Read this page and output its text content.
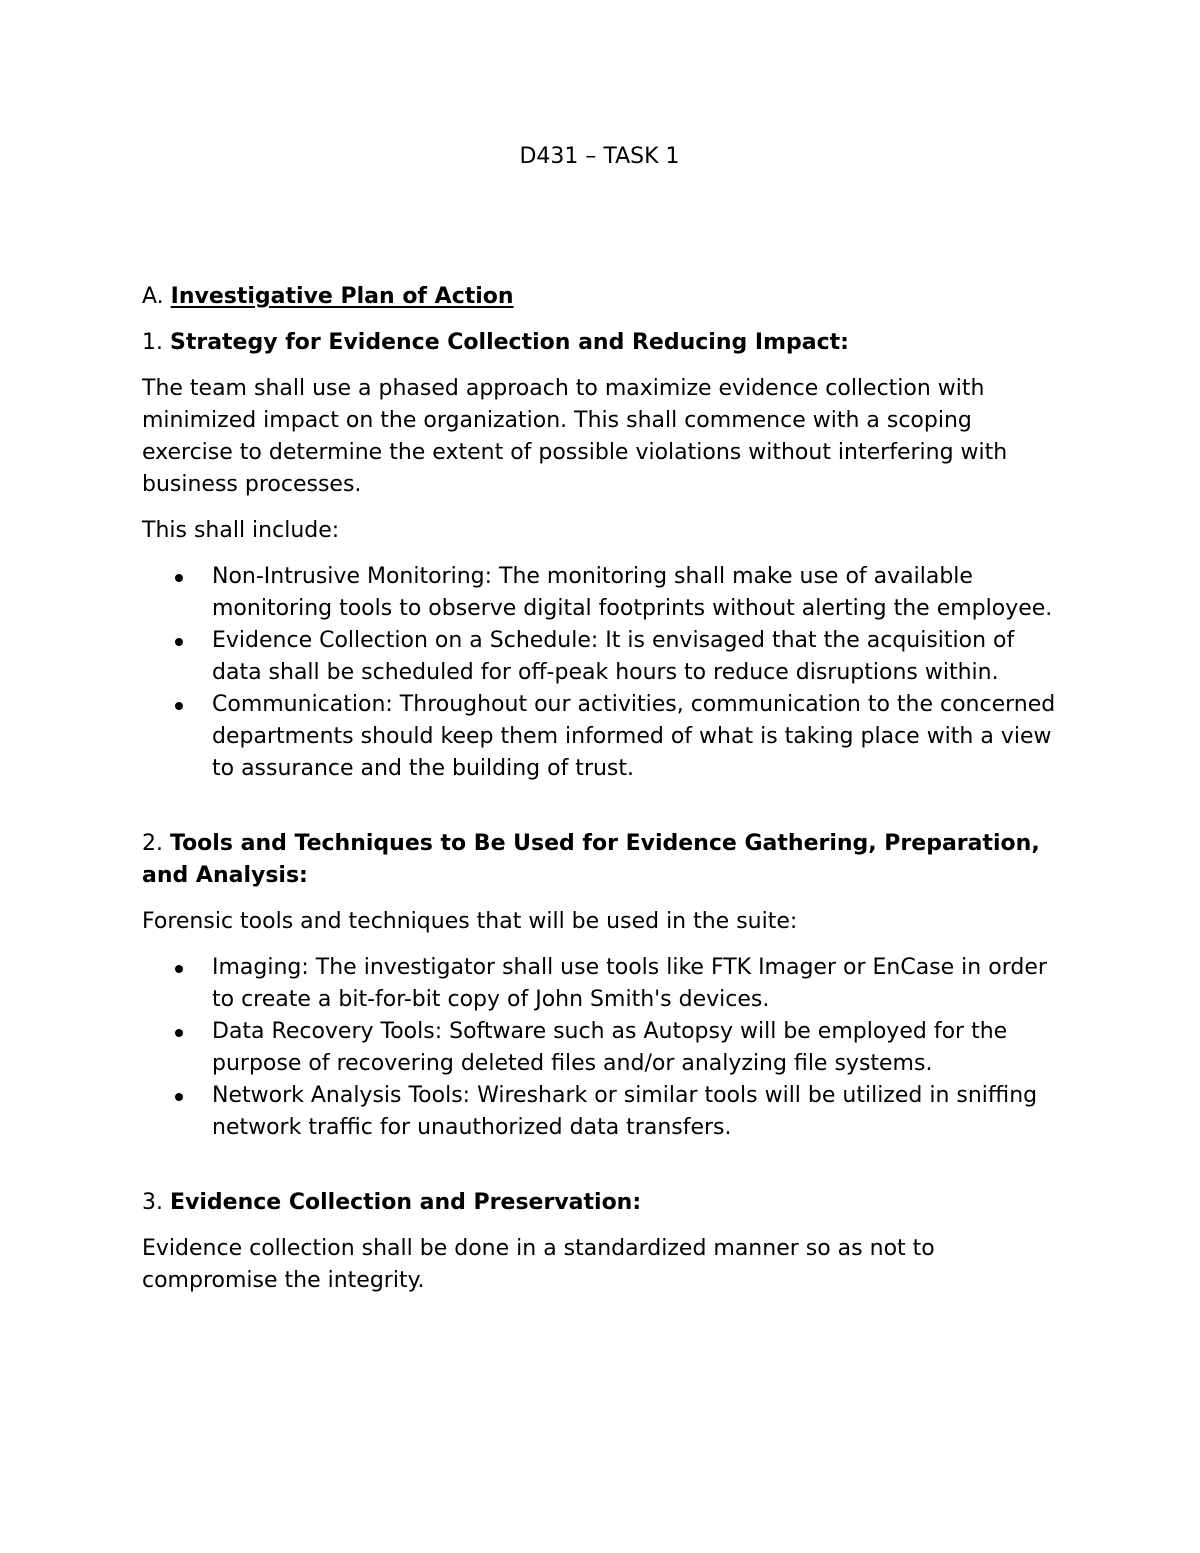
D431 – TASK 1
A. Investigative Plan of Action
1. Strategy for Evidence Collection and Reducing Impact:

The team shall use a phased approach to maximize evidence collection with minimized impact on the organization. This shall commence with a scoping exercise to determine the extent of possible violations without interfering with business processes.

This shall include:

Non-Intrusive Monitoring: The monitoring shall make use of available monitoring tools to observe digital footprints without alerting the employee.
Evidence Collection on a Schedule: It is envisaged that the acquisition of data shall be scheduled for off-peak hours to reduce disruptions within.
Communication: Throughout our activities, communication to the concerned departments should keep them informed of what is taking place with a view to assurance and the building of trust.
2. Tools and Techniques to Be Used for Evidence Gathering, Preparation, and Analysis:

Forensic tools and techniques that will be used in the suite:

Imaging: The investigator shall use tools like FTK Imager or EnCase in order to create a bit-for-bit copy of John Smith's devices.
Data Recovery Tools: Software such as Autopsy will be employed for the purpose of recovering deleted files and/or analyzing file systems.
Network Analysis Tools: Wireshark or similar tools will be utilized in sniffing network traffic for unauthorized data transfers.
3. Evidence Collection and Preservation:

Evidence collection shall be done in a standardized manner so as not to compromise the integrity.
